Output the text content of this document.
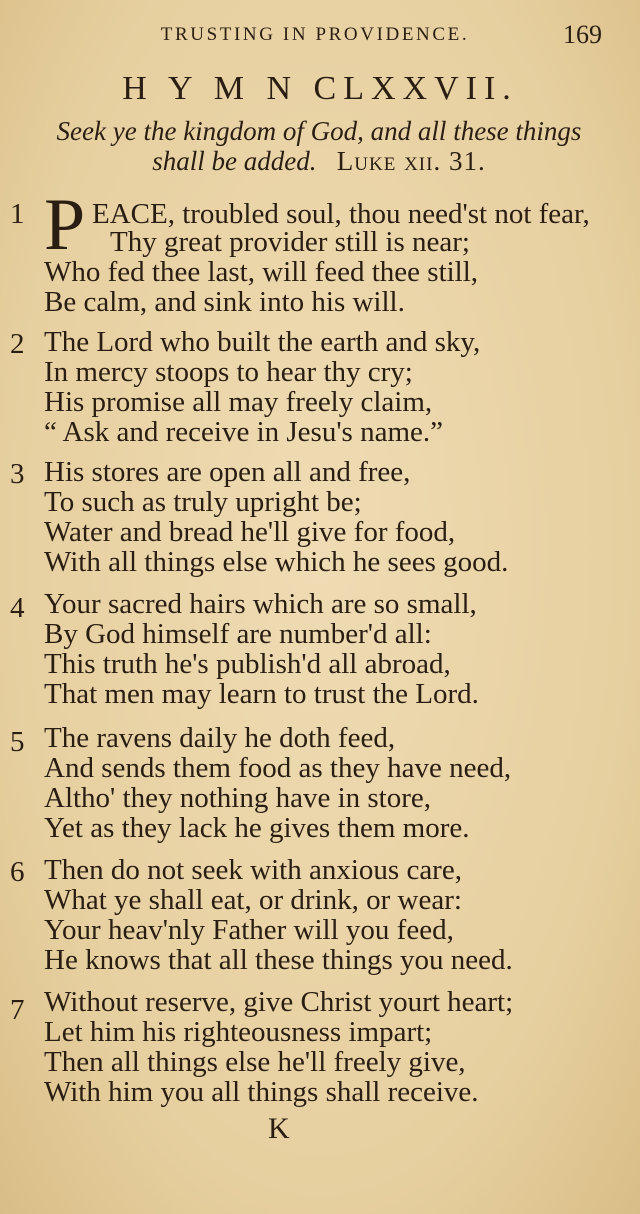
TRUSTING IN PROVIDENCE.	169
H Y M N CLXXVII.
Seek ye the kingdom of God, and all these things
shall be added. Luke xii. 31.
1 P EACE, troubled soul, thou need'st not fear,
Thy great provider still is near;
Who fed thee last, will feed thee still,
Be calm, and sink into his will.
2 The Lord who built the earth and sky,
In mercy stoops to hear thy cry;
His promise all may freely claim,
“ Ask and receive in Jesu's name.”
3 His stores are open all and free,
To such as truly upright be;
Water and bread he'll give for food,
With all things else which he sees good.
4 Your sacred hairs which are so small,
By God himself are number'd all:
This truth he's publish'd all abroad,
That men may learn to trust the Lord.
5 The ravens daily he doth feed,
And sends them food as they have need,
Altho' they nothing have in store,
Yet as they lack he gives them more.
6 Then do not seek with anxious care,
What ye shall eat, or drink, or wear:
Your heav'nly Father will you feed,
He knows that all these things you need.
7 Without reserve, give Christ yourt heart;
Let him his righteousness impart;
Then all things else he'll freely give,
With him you all things shall receive.
K
